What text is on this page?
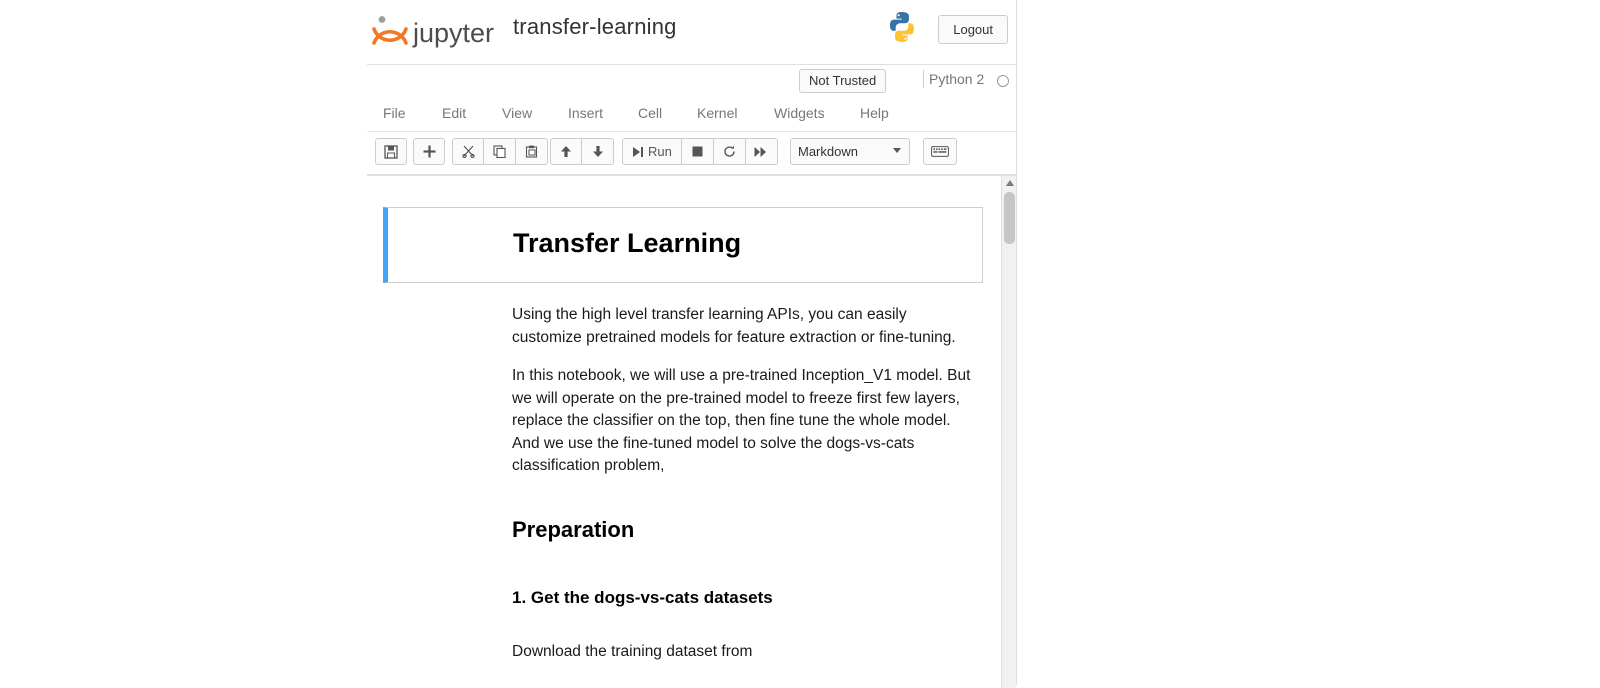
jupyter transfer-learning	Logout
Not Trusted	Python 2
File	Edit	View	Insert Cell Kernel	Widgets	Help
Run	Markdown
Transfer Learning

Using the high level transfer learning APIs, you can easily customize pretrained models for feature extraction or fine-tuning.

In this notebook, we will use a pre-trained Inception_V1 model. But we will operate on the pre-trained model to freeze first few layers, replace the classifier on the top, then fine tune the whole model. And we use the fine-tuned model to solve the dogs-vs-cats classification problem,

Preparation
1. Get the dogs-vs-cats datasets

Download the training dataset from
